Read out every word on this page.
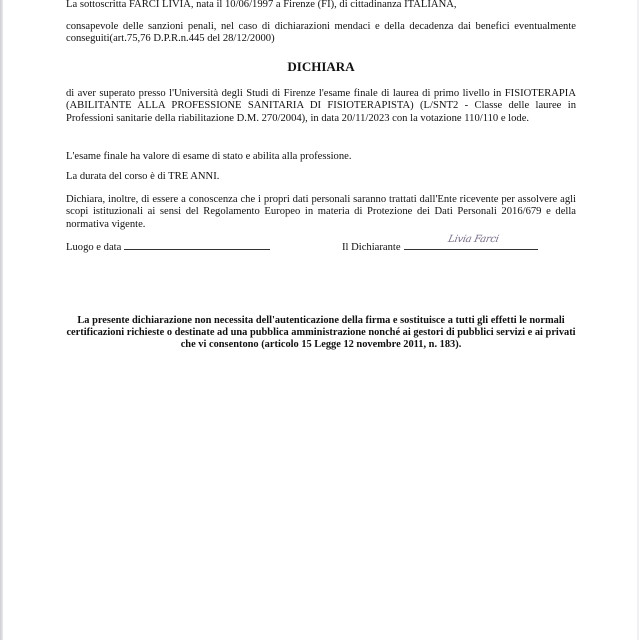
La sottoscritta FARCI LIVIA, nata il 10/06/1997 a Firenze (FI), di cittadinanza ITALIANA,

consapevole delle sanzioni penali, nel caso di dichiarazioni mendaci e della decadenza dai benefici eventualmente conseguiti(art.75,76 D.P.R.n.445 del 28/12/2000)

DICHIARA

di aver superato presso l'Università degli Studi di Firenze l'esame finale di laurea di primo livello in FISIOTERAPIA (ABILITANTE ALLA PROFESSIONE SANITARIA DI FISIOTERAPISTA) (L/SNT2 - Classe delle lauree in Professioni sanitarie della riabilitazione D.M. 270/2004), in data 20/11/2023 con la votazione 110/110 e lode.

L'esame finale ha valore di esame di stato e abilita alla professione.

La durata del corso è di TRE ANNI.

Dichiara, inoltre, di essere a conoscenza che i propri dati personali saranno trattati dall'Ente ricevente per assolvere agli scopi istituzionali ai sensi del Regolamento Europeo in materia di Protezione dei Dati Personali 2016/679 e della normativa vigente.

Luogo e data	Il Dichiarante
Livia Farci
La presente dichiarazione non necessita dell'autenticazione della firma e sostituisce a tutti gli effetti le normali certificazioni richieste o destinate ad una pubblica amministrazione nonché ai gestori di pubblici servizi e ai privati che vi consentono (articolo 15 Legge 12 novembre 2011, n. 183).
